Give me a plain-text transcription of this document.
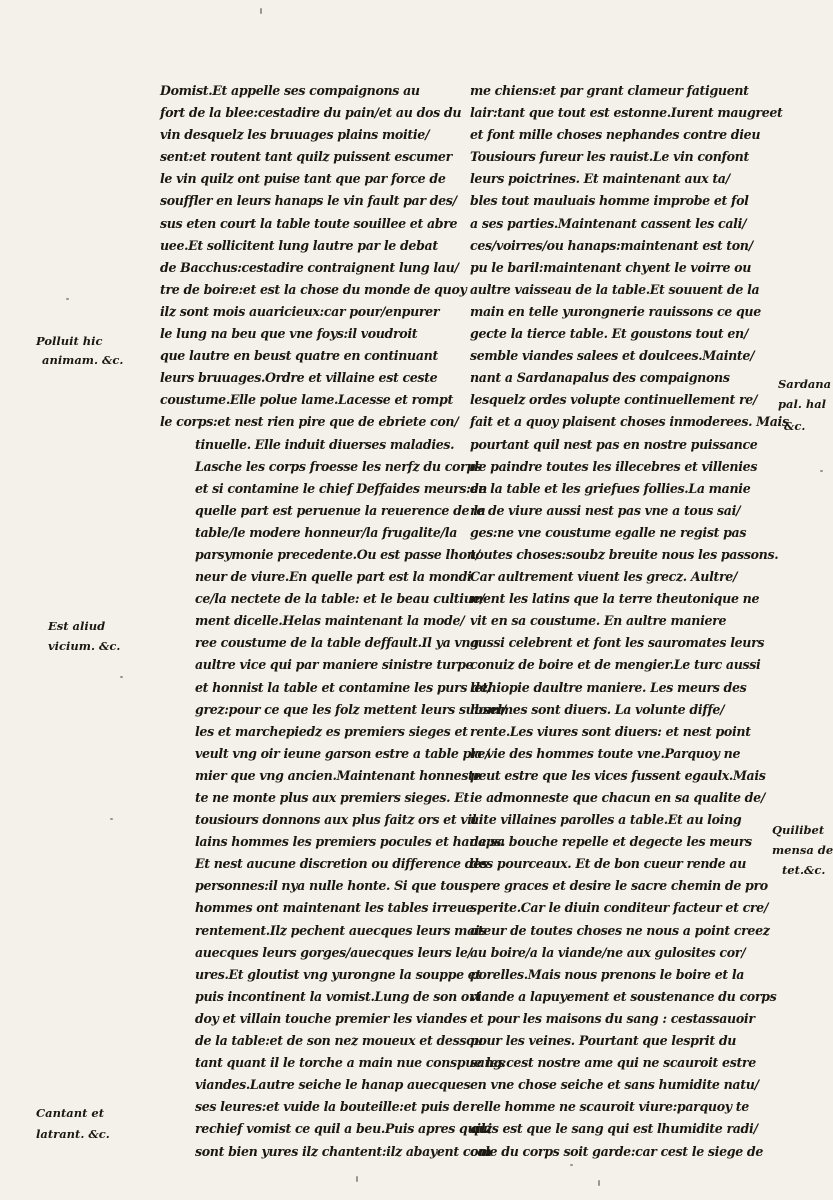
Domist.Et appelle ses compaignons au
fort de la blee:cestadire du pain/et au dos du
vin desquelz les bruuages plains moitie/
sent:et routent tant quilz puissent escumer
le vin quilz ont puise tant que par force de
souffler en leurs hanaps le vin fault par des/
sus eten court la table toute souillee et abre
uee.Et sollicitent lung lautre par le debat
de Bacchus:cestadire contraignent lung lau/
tre de boire:et est la chose du monde de quoy
ilz sont mois auaricieux:car pour/enpurer
le lung na beu que vne foys:il voudroit
que lautre en beust quatre en continuant
leurs bruuages.Ordre et villaine est ceste
coustume.Elle polue lame.Lacesse et rompt
le corps:et nest rien pire que de ebriete con/
tinuelle. Elle induit diuerses maladies.
Lasche les corps froesse les nerfz du corps
et si contamine le chief Deffaides meurs:en
quelle part est peruenue la reuerence de la
table/le modere honneur/la frugalite/la
parsymonie precedente.Ou est passe lhon/
neur de viure.En quelle part est la mondi
ce/la nectete de la table: et le beau cultiue/
ment dicelle.Helas maintenant la mode/
ree coustume de la table deffault.Il ya vng
aultre vice qui par maniere sinistre turpe
et honnist la table et contamine les purs de/
grez:pour ce que les folz mettent leurs subsel/
les et marchepiedz es premiers sieges et
veult vng oir ieune garson estre a table pre/
mier que vng ancien.Maintenant honneste
te ne monte plus aux premiers sieges. Et
tousiours donnons aux plus faitz ors et vil
lains hommes les premiers pocules et hanaps.
Et nest aucune discretion ou difference des
personnes:il nya nulle honte. Si que tous
hommes ont maintenant les tables irreue
rentement.Ilz pechent auecques leurs mais
auecques leurs gorges/auecques leurs le/
ures.Et gloutist vng yurongne la souppe et
puis incontinent la vomist.Lung de son ort
doy et villain touche premier les viandes
de la table:et de son nez moueux et dessou
tant quant il le torche a main nue conspue les
viandes.Lautre seiche le hanap auecques
ses leures:et vuide la bouteille:et puis de
rechief vomist ce quil a beu.Puis apres quilz
sont bien yures ilz chantent:ilz abayent com
me chiens:et par grant clameur fatiguent
lair:tant que tout est estonne.Iurent maugreet
et font mille choses nephandes contre dieu
Tousiours fureur les rauist.Le vin confont
leurs poictrines. Et maintenant aux ta/
bles tout mauluais homme improbe et fol
a ses parties.Maintenant cassent les cali/
ces/voirres/ou hanaps:maintenant est ton/
pu le baril:maintenant chyent le voirre ou
aultre vaisseau de la table.Et souuent de la
main en telle yurongnerie rauissons ce que
gecte la tierce table. Et goustons tout en/
semble viandes salees et doulcees.Mainte/
nant a Sardanapalus des compaignons
lesquelz ordes volupte continuellement re/
fait et a quoy plaisent choses inmoderees. Mais
pourtant quil nest pas en nostre puissance
de paindre toutes les illecebres et villenies
de la table et les griefues follies.La manie
re de viure aussi nest pas vne a tous sai/
ges:ne vne coustume egalle ne regist pas
toutes choses:soubz breuite nous les passons.
Car aultrement viuent les grecz. Aultre/
ment les latins que la terre theutonique ne
vit en sa coustume. En aultre maniere
aussi celebrent et font les sauromates leurs
conuiz de boire et de mengier.Le turc aussi
lethiopie daultre maniere. Les meurs des
hommes sont diuers. La volunte diffe/
rente.Les viures sont diuers: et nest point
la vie des hommes toute vne.Parquoy ne
peut estre que les vices fussent egaulx.Mais
ie admonneste que chacun en sa qualite de/
uite villaines parolles a table.Et au loing
de sa bouche repelle et degecte les meurs
des pourceaux. Et de bon cueur rende au
pere graces et desire le sacre chemin de pro
sperite.Car le diuin conditeur facteur et cre/
ateur de toutes choses ne nous a point creez
au boire/a la viande/ne aux gulosites cor/
porelles.Mais nous prenons le boire et la
viande a lapuyement et soustenance du corps
et pour les maisons du sang : cestassauoir
pour les veines. Pourtant que lesprit du
sang:cest nostre ame qui ne scauroit estre
en vne chose seiche et sans humidite natu/
relle homme ne scauroit viure:parquoy te
quis est que le sang qui est lhumidite radi/
cale du corps soit garde:car cest le siege de
Polluit hic
animam. &c.
Est aliud
vicium. &c.
Cantant et
latrant. &c.
Sardana
pal. hal
&c.
Quilibet
mensa de
tet.&c.
